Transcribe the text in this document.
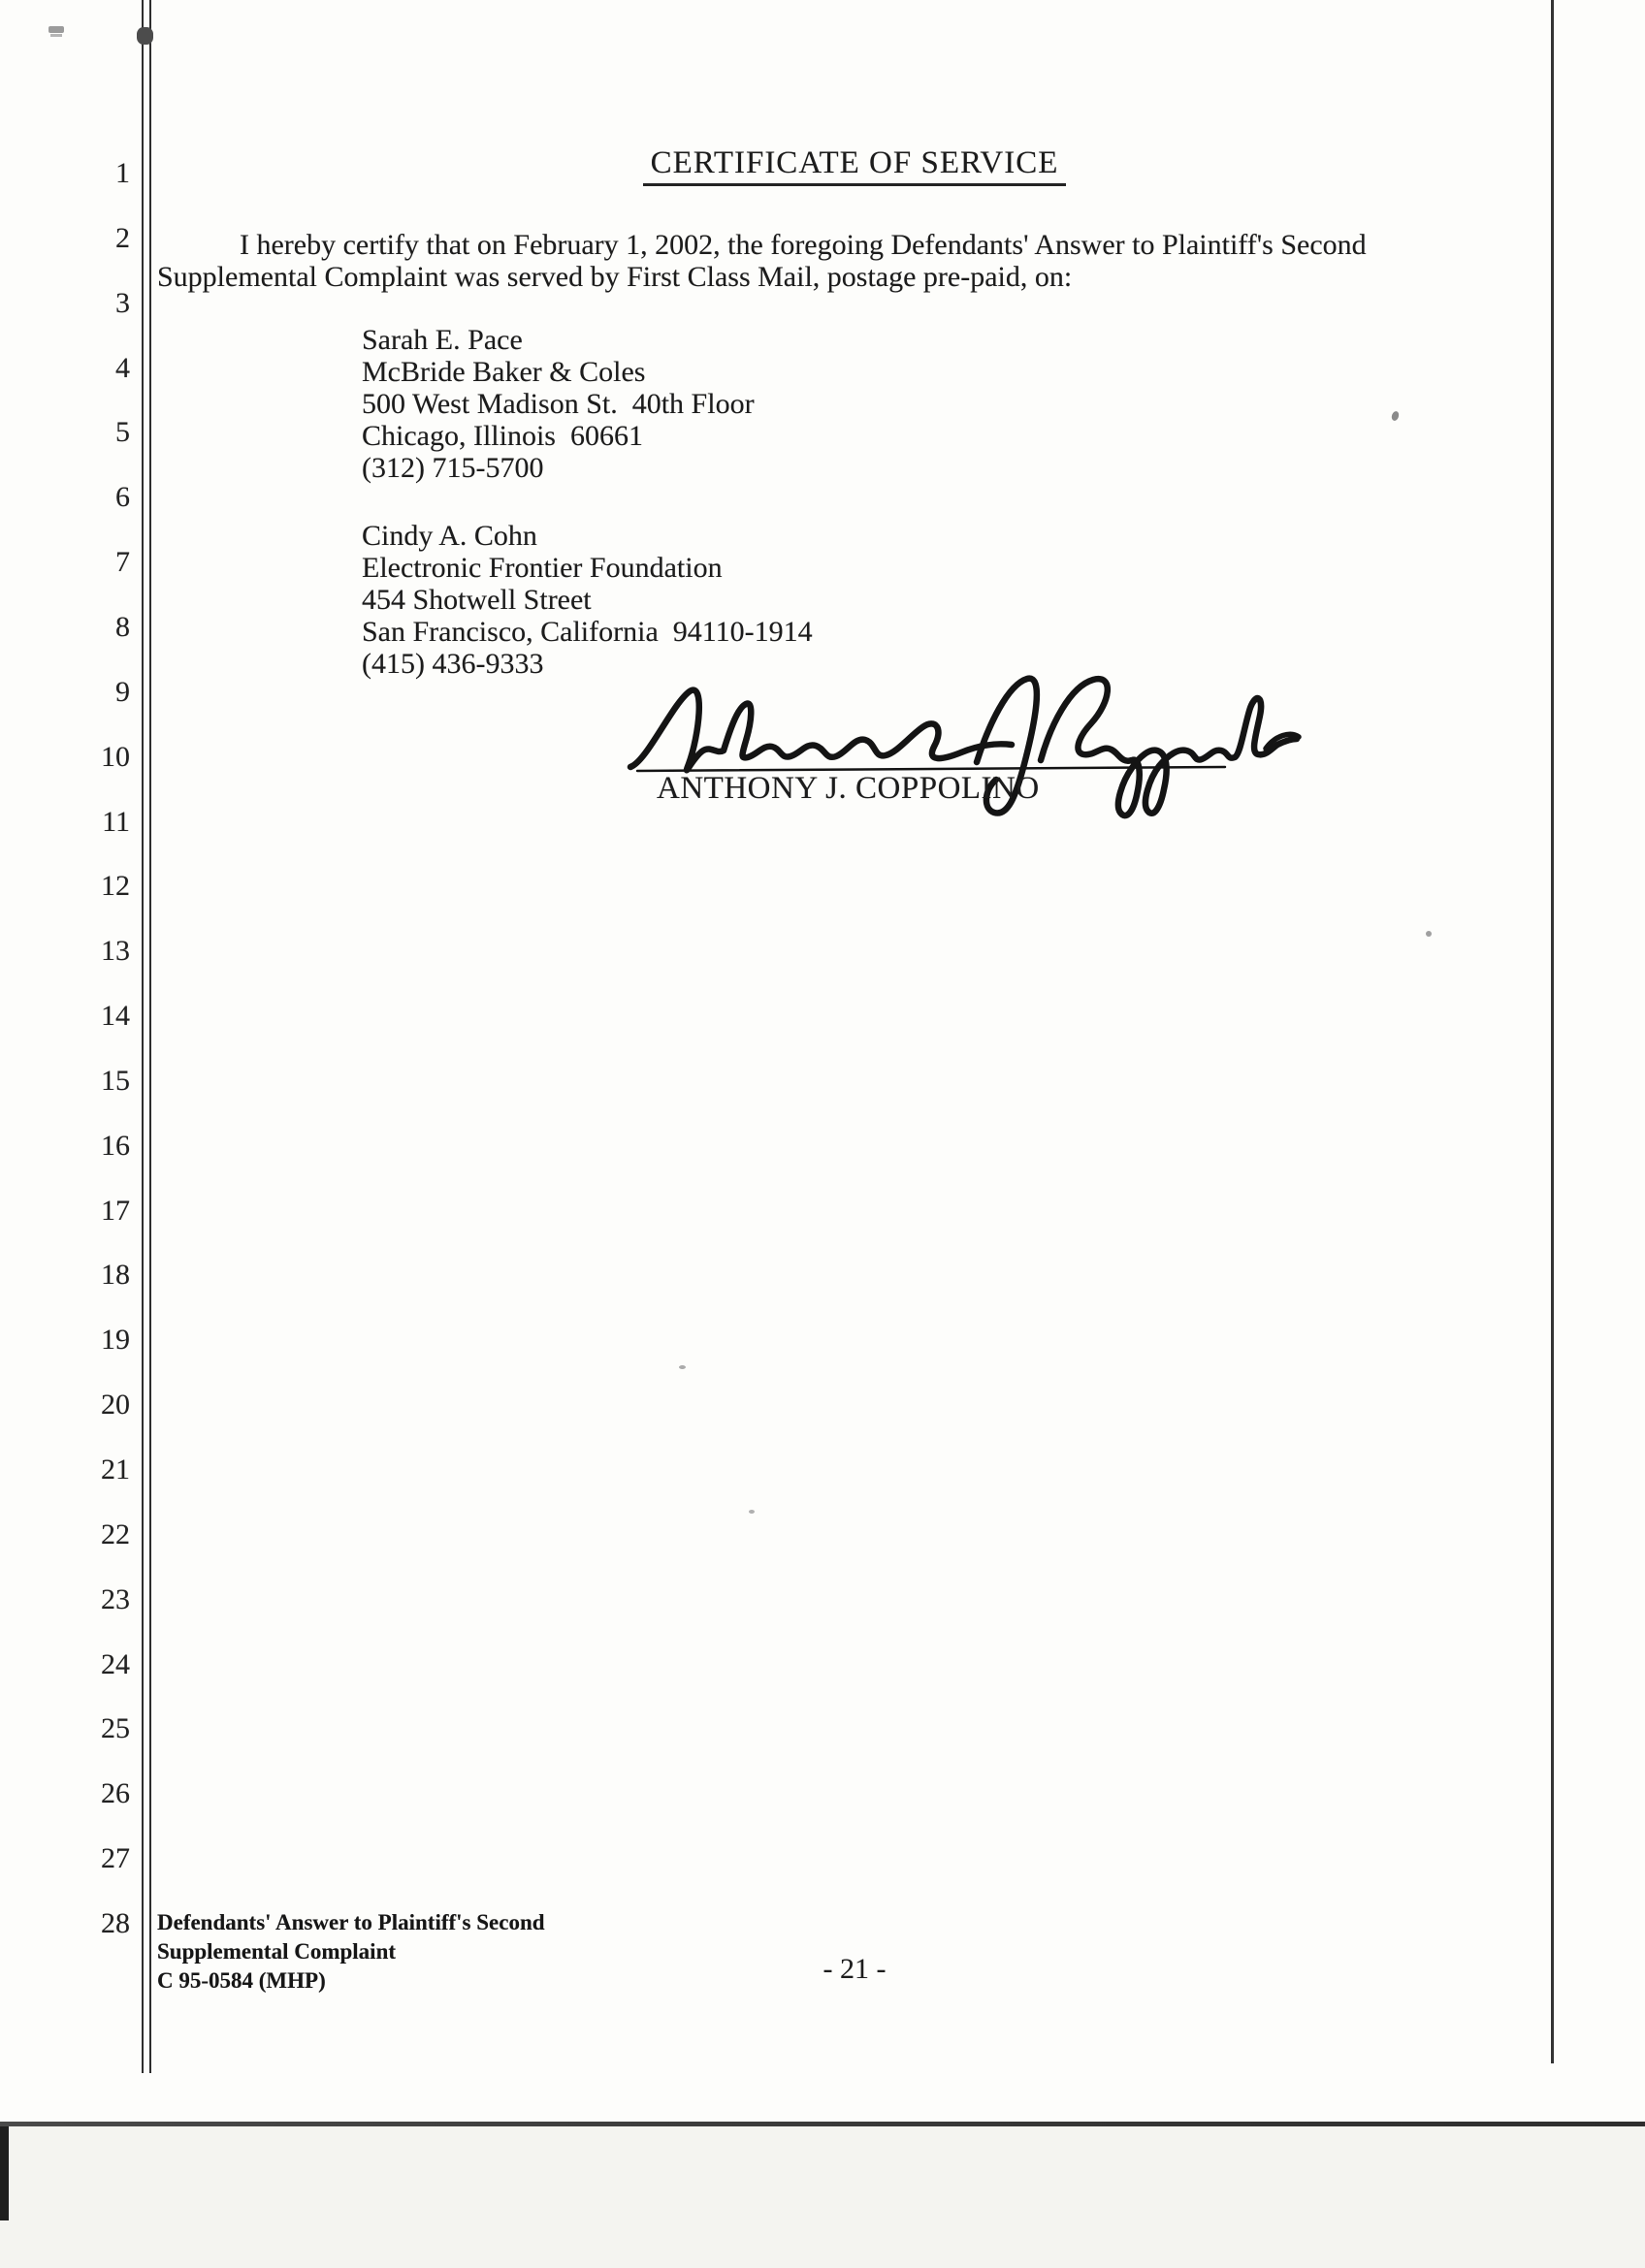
1
2
3
4
5
6
7
8
9
10
11
12
13
14
15
16
17
18
19
20
21
22
23
24
25
26
27
28
CERTIFICATE OF SERVICE
I hereby certify that on February 1, 2002, the foregoing Defendants' Answer to Plaintiff's Second
Supplemental Complaint was served by First Class Mail, postage pre-paid, on:
Sarah E. Pace
McBride Baker & Coles
500 West Madison St.  40th Floor
Chicago, Illinois  60661
(312) 715-5700
Cindy A. Cohn
Electronic Frontier Foundation
454 Shotwell Street
San Francisco, California  94110-1914
(415) 436-9333
ANTHONY J. COPPOLINO
Defendants' Answer to Plaintiff's Second
Supplemental Complaint
C 95-0584 (MHP)	- 21 -
